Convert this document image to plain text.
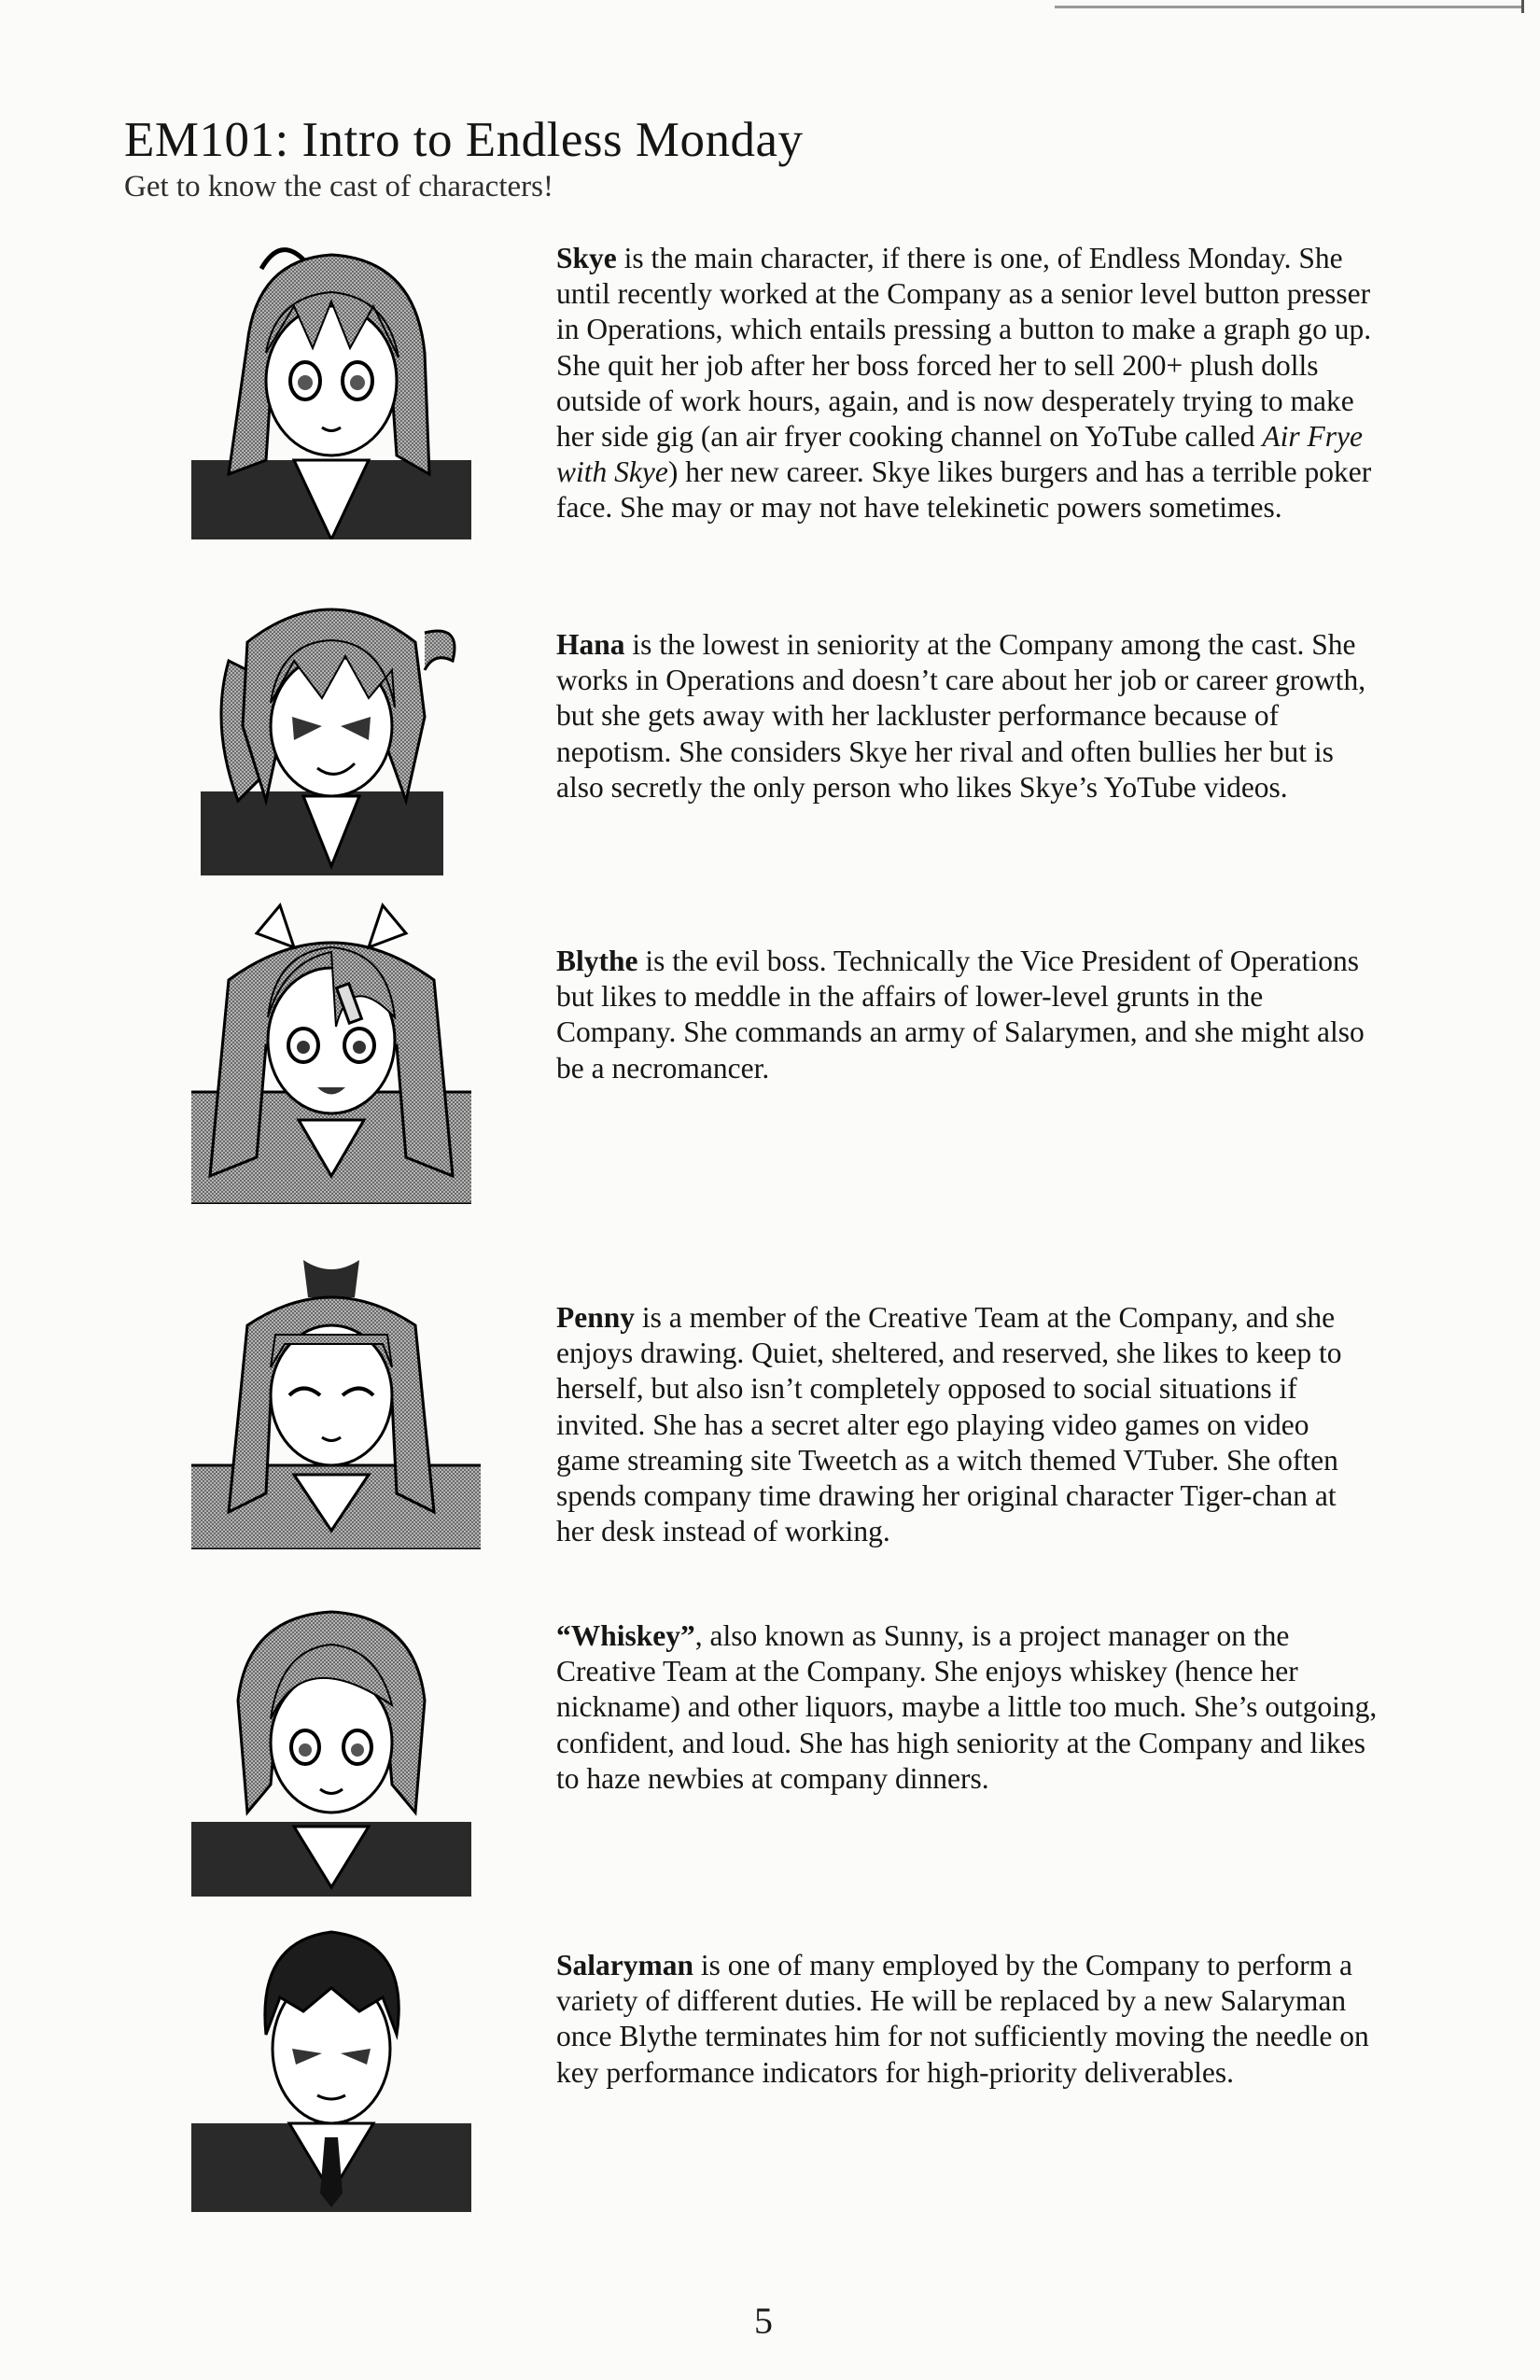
EM101: Intro to Endless Monday
Get to know the cast of characters!
Skye is the main character, if there is one, of Endless Monday. She until recently worked at the Company as a senior level button presser in Operations, which entails pressing a button to make a graph go up. She quit her job after her boss forced her to sell 200+ plush dolls outside of work hours, again, and is now desperately trying to make her side gig (an air fryer cooking channel on YoTube called Air Frye with Skye) her new career. Skye likes burgers and has a terrible poker face. She may or may not have telekinetic powers sometimes.
Hana is the lowest in seniority at the Company among the cast. She works in Operations and doesn’t care about her job or career growth, but she gets away with her lackluster performance because of nepotism. She considers Skye her rival and often bullies her but is also secretly the only person who likes Skye’s YoTube videos.
Blythe is the evil boss. Technically the Vice President of Operations but likes to meddle in the affairs of lower-level grunts in the Company. She commands an army of Salarymen, and she might also be a necromancer.
Penny is a member of the Creative Team at the Company, and she enjoys drawing. Quiet, sheltered, and reserved, she likes to keep to herself, but also isn’t completely opposed to social situations if invited. She has a secret alter ego playing video games on video game streaming site Tweetch as a witch themed VTuber. She often spends company time drawing her original character Tiger-chan at her desk instead of working.
“Whiskey”, also known as Sunny, is a project manager on the Creative Team at the Company. She enjoys whiskey (hence her nickname) and other liquors, maybe a little too much. She’s outgoing, confident, and loud. She has high seniority at the Company and likes to haze newbies at company dinners.
Salaryman is one of many employed by the Company to perform a variety of different duties. He will be replaced by a new Salaryman once Blythe terminates him for not sufficiently moving the needle on key performance indicators for high-priority deliverables.
5
